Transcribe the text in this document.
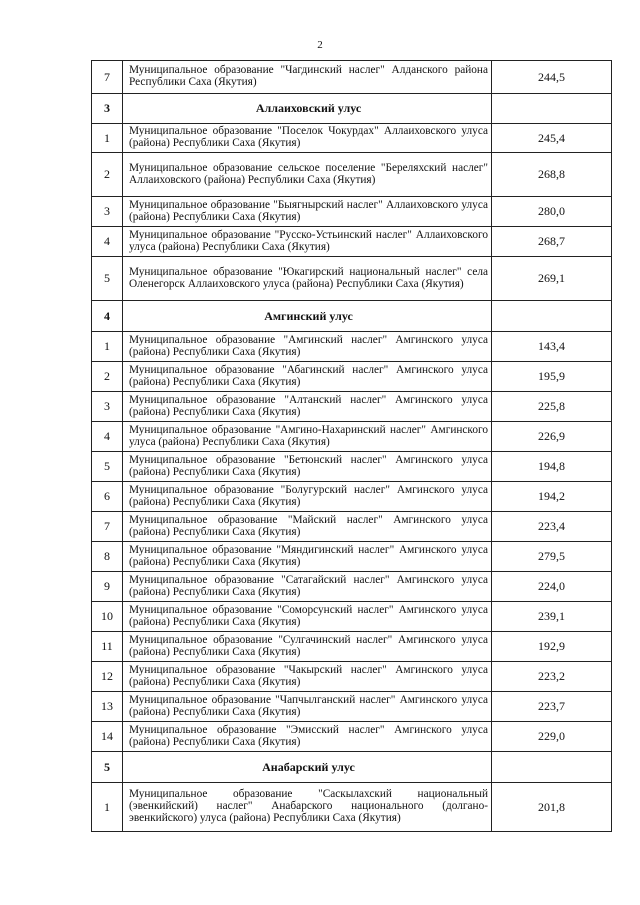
2
7	Муниципальное образование "Чагдинский наслег" Алданского района Республики Саха (Якутия)	244,5
3	Аллаиховский улус	
1	Муниципальное образование "Поселок Чокурдах" Аллаиховского улуса (района) Республики Саха (Якутия)	245,4
2	Муниципальное образование сельское поселение "Береляхский наслег" Аллаиховского (района) Республики Саха (Якутия)	268,8
3	Муниципальное образование "Быягнырский наслег" Аллаиховского улуса (района) Республики Саха (Якутия)	280,0
4	Муниципальное образование "Русско-Устьинский наслег" Аллаиховского улуса (района) Республики Саха (Якутия)	268,7
5	Муниципальное образование "Юкагирский национальный наслег" села Оленегорск Аллаиховского улуса (района) Республики Саха (Якутия)	269,1
4	Амгинский улус	
1	Муниципальное образование "Амгинский наслег" Амгинского улуса (района) Республики Саха (Якутия)	143,4
2	Муниципальное образование "Абагинский наслег" Амгинского улуса (района) Республики Саха (Якутия)	195,9
3	Муниципальное образование "Алтанский наслег" Амгинского улуса (района) Республики Саха (Якутия)	225,8
4	Муниципальное образование "Амгино-Нахаринский наслег" Амгинского улуса (района) Республики Саха (Якутия)	226,9
5	Муниципальное образование "Бетюнский наслег" Амгинского улуса (района) Республики Саха (Якутия)	194,8
6	Муниципальное образование "Болугурский наслег" Амгинского улуса (района) Республики Саха (Якутия)	194,2
7	Муниципальное образование "Майский наслег" Амгинского улуса (района) Республики Саха (Якутия)	223,4
8	Муниципальное образование "Мяндигинский наслег" Амгинского улуса (района) Республики Саха (Якутия)	279,5
9	Муниципальное образование "Сатагайский наслег" Амгинского улуса (района) Республики Саха (Якутия)	224,0
10	Муниципальное образование "Соморсунский наслег" Амгинского улуса (района) Республики Саха (Якутия)	239,1
11	Муниципальное образование "Сулгачинский наслег" Амгинского улуса (района) Республики Саха (Якутия)	192,9
12	Муниципальное образование "Чакырский наслег" Амгинского улуса (района) Республики Саха (Якутия)	223,2
13	Муниципальное образование "Чапчылганский наслег" Амгинского улуса (района) Республики Саха (Якутия)	223,7
14	Муниципальное образование "Эмисский наслег" Амгинского улуса (района) Республики Саха (Якутия)	229,0
5	Анабарский улус	
1	Муниципальное образование "Саскылахский национальный (эвенкийский) наслег" Анабарского национального (долгано-эвенкийского) улуса (района) Республики Саха (Якутия)	201,8
